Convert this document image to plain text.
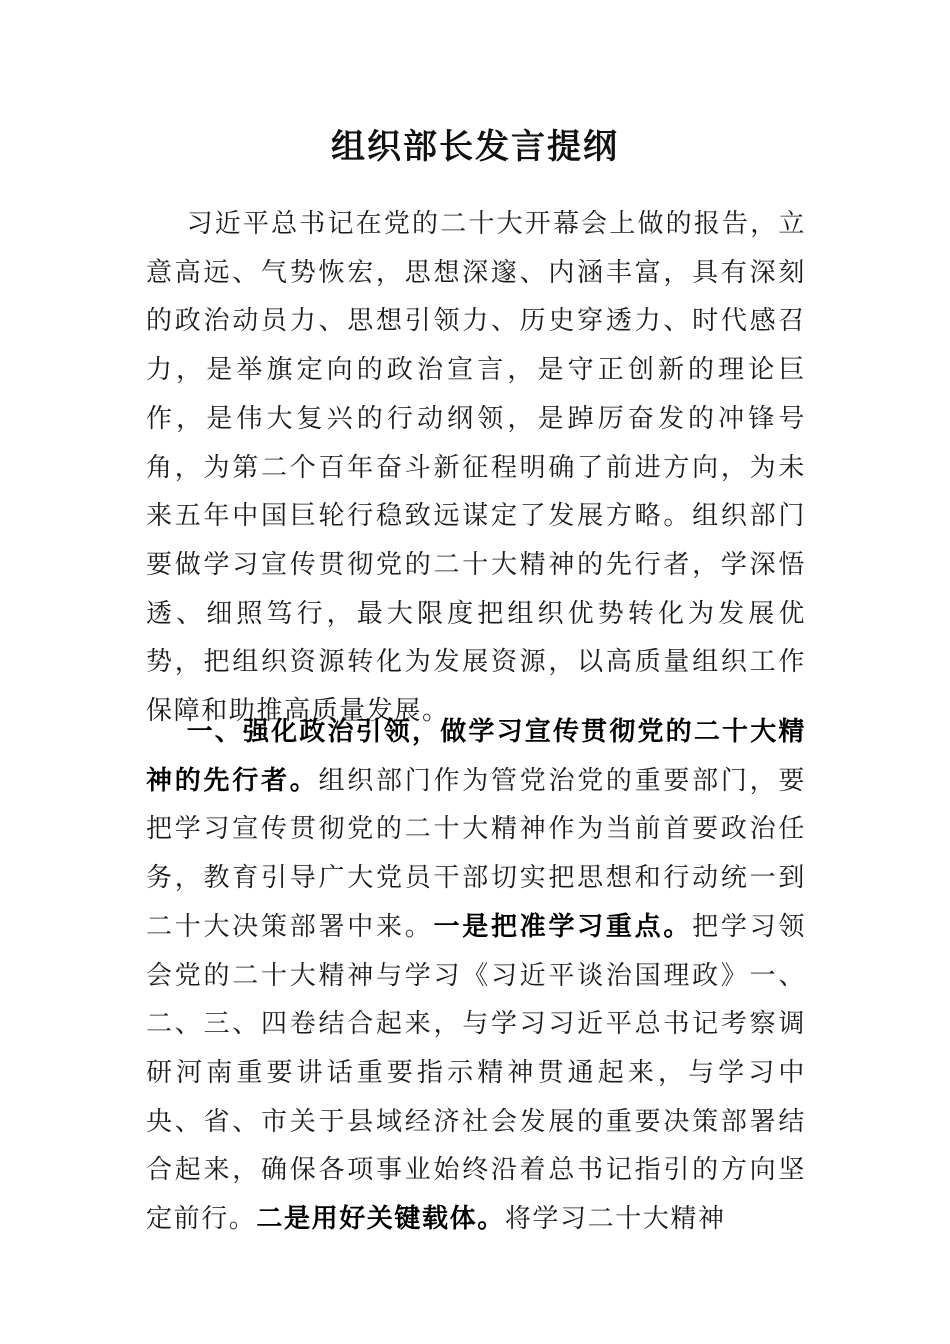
组织部长发言提纲

习近平总书记在党的二十大开幕会上做的报告，立意高远、气势恢宏，思想深邃、内涵丰富，具有深刻的政治动员力、思想引领力、历史穿透力、时代感召力，是举旗定向的政治宣言，是守正创新的理论巨作，是伟大复兴的行动纲领，是踔厉奋发的冲锋号角，为第二个百年奋斗新征程明确了前进方向，为未来五年中国巨轮行稳致远谋定了发展方略。组织部门要做学习宣传贯彻党的二十大精神的先行者，学深悟透、细照笃行，最大限度把组织优势转化为发展优势，把组织资源转化为发展资源，以高质量组织工作保障和助推高质量发展。

一、强化政治引领，做学习宣传贯彻党的二十大精神的先行者。组织部门作为管党治党的重要部门，要把学习宣传贯彻党的二十大精神作为当前首要政治任务，教育引导广大党员干部切实把思想和行动统一到二十大决策部署中来。一是把准学习重点。把学习领会党的二十大精神与学习《习近平谈治国理政》一、二、三、四卷结合起来，与学习习近平总书记考察调研河南重要讲话重要指示精神贯通起来，与学习中央、省、市关于县域经济社会发展的重要决策部署结合起来，确保各项事业始终沿着总书记指引的方向坚定前行。二是用好关键载体。将学习二十大精神
